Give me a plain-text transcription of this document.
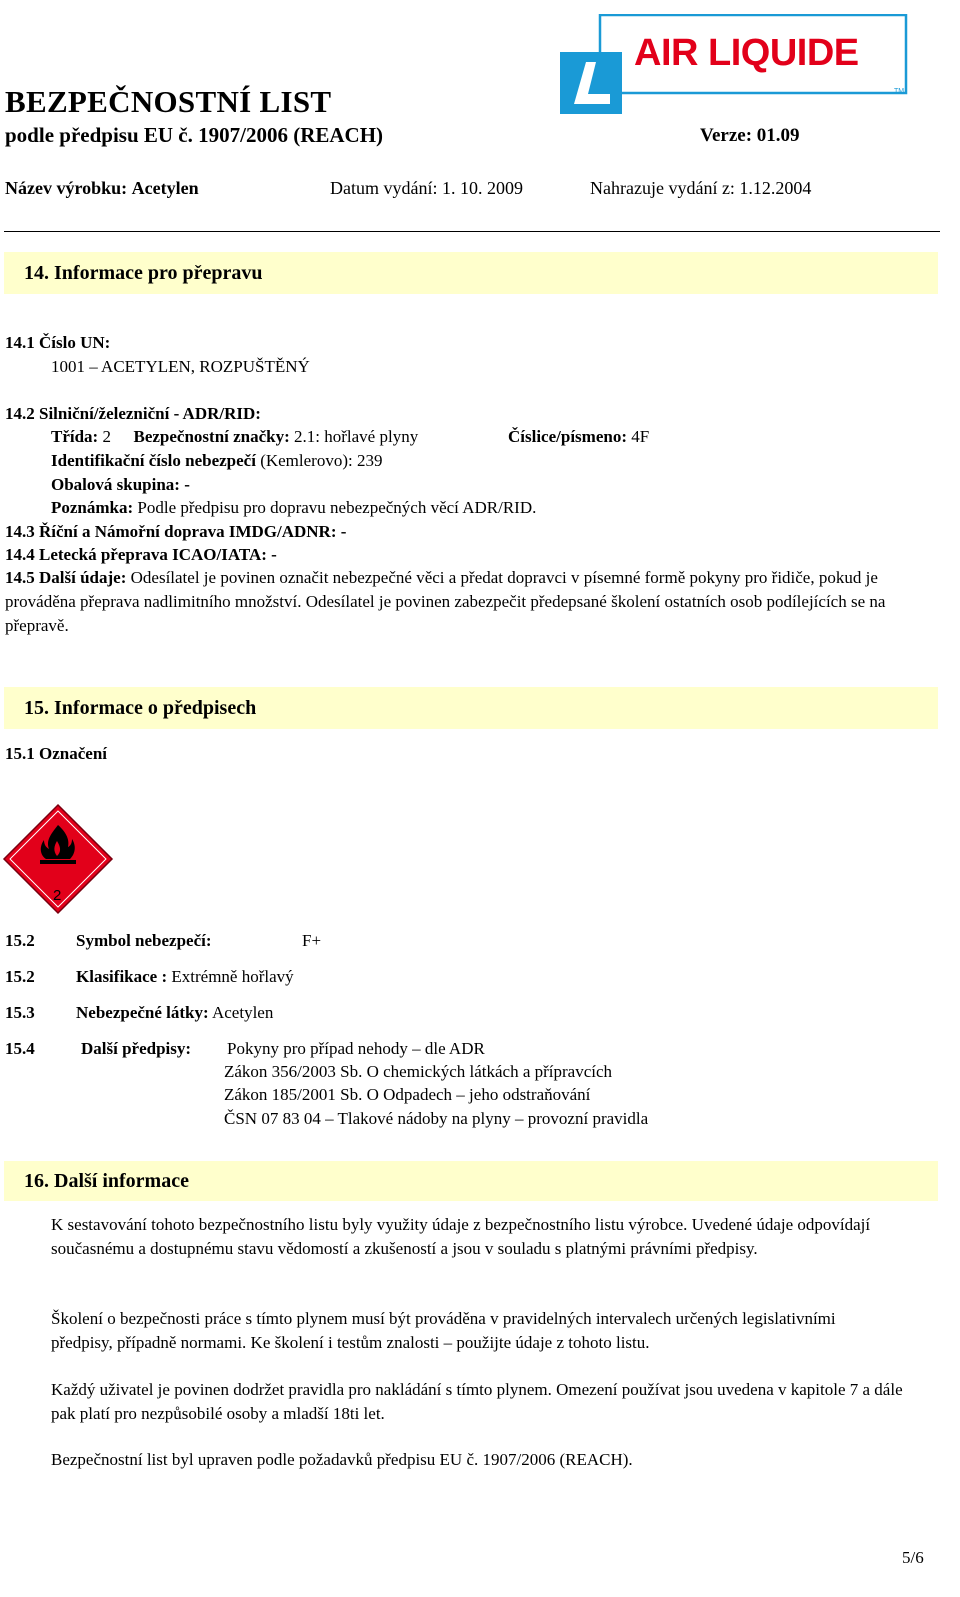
AIR LIQUIDE
TM
BEZPEČNOSTNÍ LIST
podle předpisu EU č. 1907/2006 (REACH)	Verze: 01.09
Název výrobku: Acetylen	Datum vydání: 1. 10. 2009	Nahrazuje vydání z: 1.12.2004
14. Informace pro přepravu
14.1 Číslo UN:
1001 – ACETYLEN, ROZPUŠTĚNÝ
14.2 Silniční/železniční - ADR/RID:
Třída: 2 Bezpečnostní značky: 2.1: hořlavé plyny	Číslice/písmeno: 4F
Identifikační číslo nebezpečí (Kemlerovo): 239
Obalová skupina: -
Poznámka: Podle předpisu pro dopravu nebezpečných věcí ADR/RID.
14.3 Říční a Námořní doprava IMDG/ADNR: -
14.4 Letecká přeprava ICAO/IATA: -
14.5 Další údaje: Odesílatel je povinen označit nebezpečné věci a předat dopravci v písemné formě pokyny pro řidiče, pokud je prováděna přeprava nadlimitního množství. Odesílatel je povinen zabezpečit předepsané školení ostatních osob podílejících se na přepravě.
15. Informace o předpisech
15.1 Označení
2
15.2 Symbol nebezpečí:	F+
15.2 Klasifikace : Extrémně hořlavý
15.3 Nebezpečné látky: Acetylen
15.4	Další předpisy: Pokyny pro případ nehody – dle ADR
Zákon 356/2003 Sb. O chemických látkách a přípravcích
Zákon 185/2001 Sb. O Odpadech – jeho odstraňování
ČSN 07 83 04 – Tlakové nádoby na plyny – provozní pravidla
16. Další informace
K sestavování tohoto bezpečnostního listu byly využity údaje z bezpečnostního listu výrobce. Uvedené údaje odpovídají současnému a dostupnému stavu vědomostí a zkušeností a jsou v souladu s platnými právními předpisy.
Školení o bezpečnosti práce s tímto plynem musí být prováděna v pravidelných intervalech určených legislativními předpisy, případně normami. Ke školení i testům znalosti – použijte údaje z tohoto listu.
Každý uživatel je povinen dodržet pravidla pro nakládání s tímto plynem. Omezení používat jsou uvedena v kapitole 7 a dále pak platí pro nezpůsobilé osoby a mladší 18ti let.
Bezpečnostní list byl upraven podle požadavků předpisu EU č. 1907/2006 (REACH).
5/6
